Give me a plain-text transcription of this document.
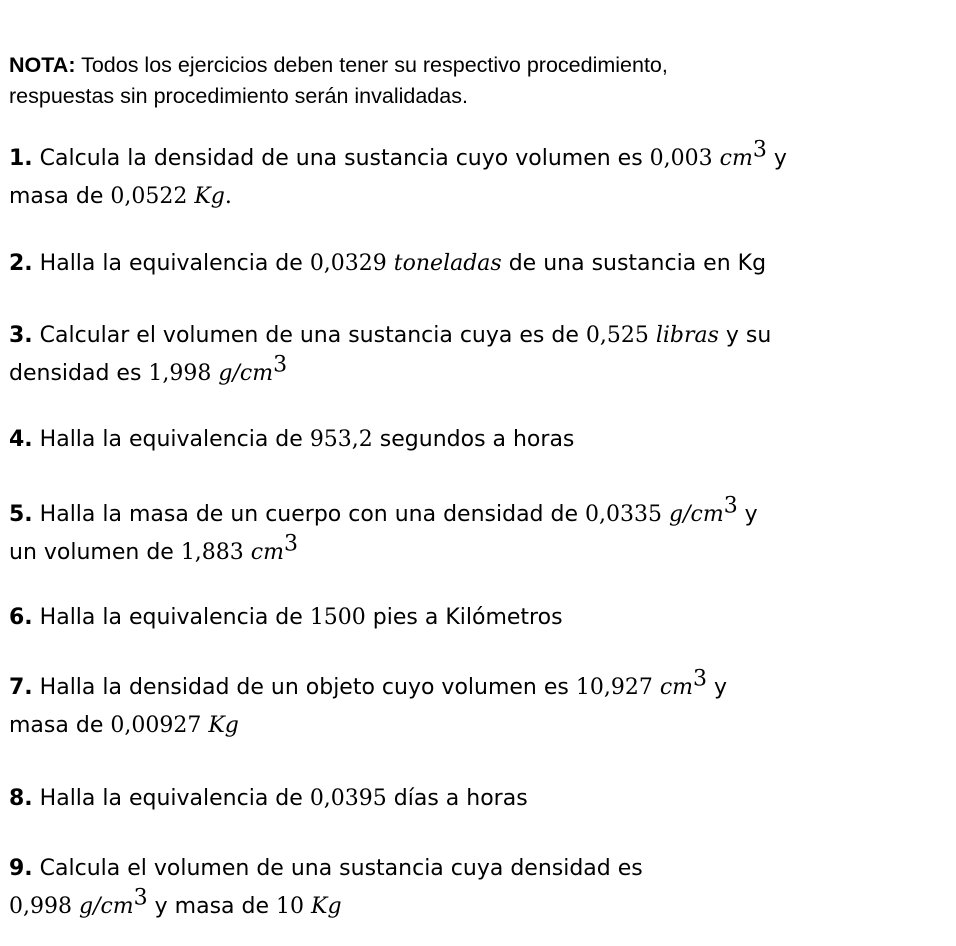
NOTA: Todos los ejercicios deben tener su respectivo procedimiento,
respuestas sin procedimiento serán invalidadas.
1. Calcula la densidad de una sustancia cuyo volumen es 0,003 $cm^3$ y
masa de 0,0522 Kg.
2. Halla la equivalencia de 0,0329 toneladas de una sustancia en Kg
3. Calcular el volumen de una sustancia cuya es de 0,525 libras y su
densidad es 1,998 $g/cm^3$
4. Halla la equivalencia de 953,2 segundos a horas
5. Halla la masa de un cuerpo con una densidad de 0,0335 $g/cm^3$ y
un volumen de 1,883 $cm^3$
6. Halla la equivalencia de 1500 pies a Kilómetros
7. Halla la densidad de un objeto cuyo volumen es 10,927 $cm^3$ y
masa de 0,00927 Kg
8. Halla la equivalencia de 0,0395 días a horas
9. Calcula el volumen de una sustancia cuya densidad es
0,998 $g/cm^3$ y masa de 10 Kg
